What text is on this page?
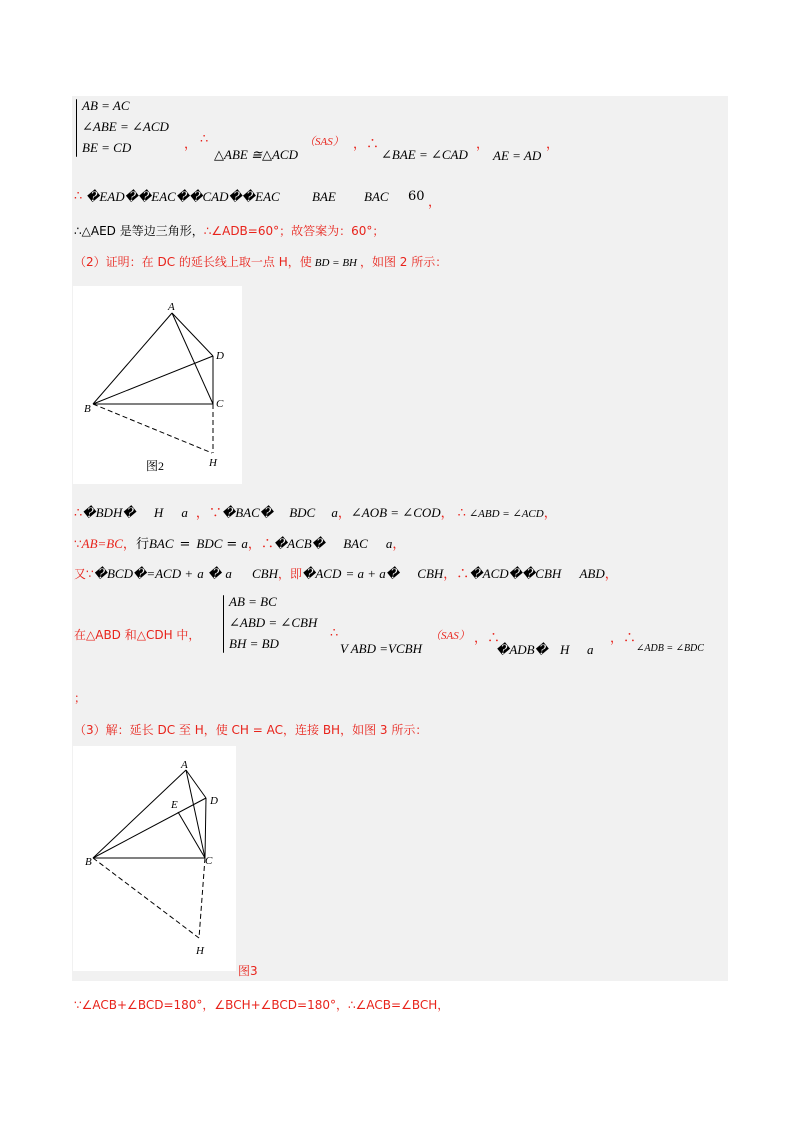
AB = AC
∠ABE = ∠ACD
BE = CD	， ∴
△ABE ≅△ACD
（SAS） ，∴
∠BAE = ∠CAD
，
AE = AD
，
∴ �EAD��EAC��CAD��EAC BAE BAC 60 ，
∴△AED 是等边三角形，∴∠ADB=60°；故答案为：60°；
（2）证明：在 DC 的延长线上取一点 H，使 BD = BH ，如图 2 所示：
A
B	C
D
H
图2
∴�BDH� H a ，∵�BAC� BDC a，∠AOB = ∠COD， ∴ ∠ABD = ∠ACD，
∵AB=BC，行BAC = BDC = a，∴�ACB� BAC a，
又∵�BCD�=ACD + a � a CBH，即�ACD = a + a� CBH，∴�ACD��CBH ABD，
在△ABD 和△CDH 中，
AB = BC
∠ABD = ∠CBH
BH = BD
∴
V ABD =VCBH
（SAS） ，∴
�ADB� H a
，∴
∠ADB = ∠BDC
；
（3）解：延长 DC 至 H，使 CH = AC，连接 BH，如图 3 所示：
A
B	C
D
E
H
图3
∵∠ACB+∠BCD=180°，∠BCH+∠BCD=180°，∴∠ACB=∠BCH，
